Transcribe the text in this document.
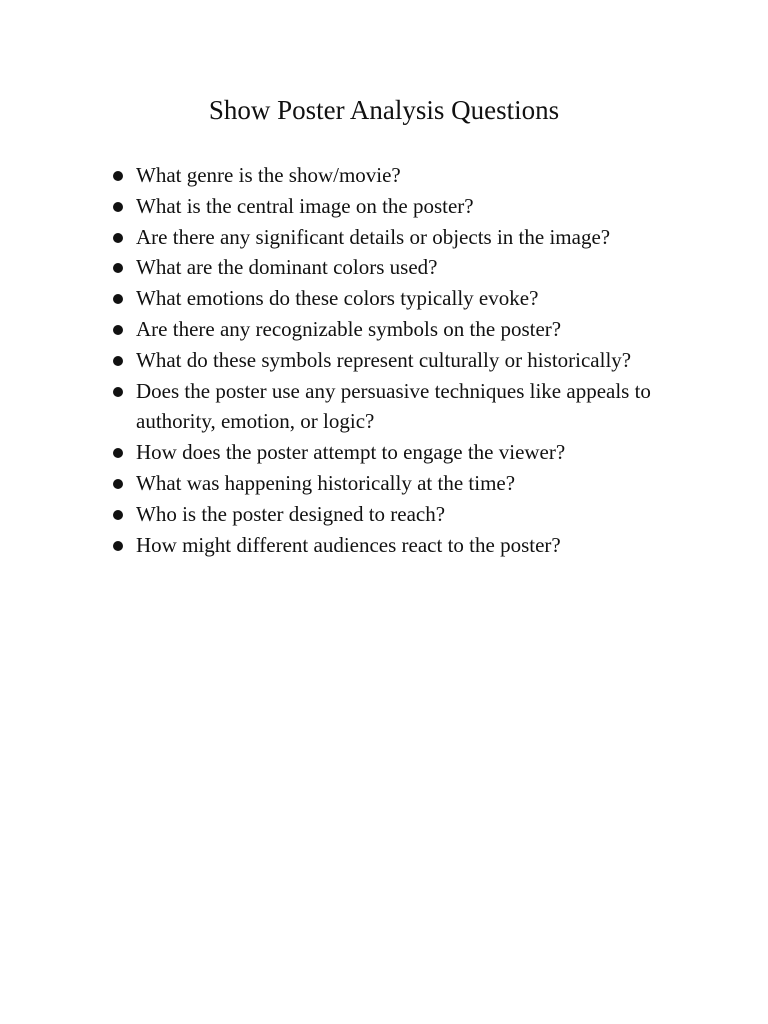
Show Poster Analysis Questions
What genre is the show/movie?
What is the central image on the poster?
Are there any significant details or objects in the image?
What are the dominant colors used?
What emotions do these colors typically evoke?
Are there any recognizable symbols on the poster?
What do these symbols represent culturally or historically?
Does the poster use any persuasive techniques like appeals to authority, emotion, or logic?
How does the poster attempt to engage the viewer?
What was happening historically at the time?
Who is the poster designed to reach?
How might different audiences react to the poster?
